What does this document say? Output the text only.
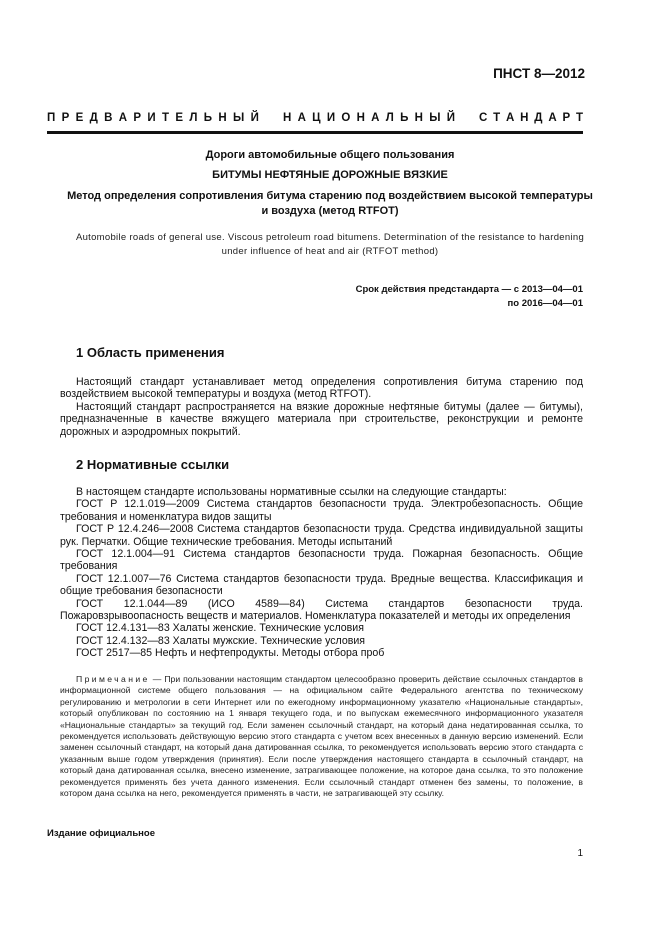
ПНСТ 8—2012
П Р Е Д В А Р И Т Е Л Ь Н Ы Й Н А Ц И О Н А Л Ь Н Ы Й С Т А Н Д А Р Т
Дороги автомобильные общего пользования
БИТУМЫ НЕФТЯНЫЕ ДОРОЖНЫЕ ВЯЗКИЕ
Метод определения сопротивления битума старению под воздействием высокой температуры
и воздуха (метод RTFOT)
Automobile roads of general use. Viscous petroleum road bitumens. Determination of the resistance to hardening
under influence of heat and air (RTFOT method)
Срок действия предстандарта — с 2013—04—01
по 2016—04—01
1 Область применения

Настоящий стандарт устанавливает метод определения сопротивления битума старению под воздействием высокой температуры и воздуха (метод RTFOT).

Настоящий стандарт распространяется на вязкие дорожные нефтяные битумы (далее — битумы), предназначенные в качестве вяжущего материала при строительстве, реконструкции и ремонте дорожных и аэродромных покрытий.

2 Нормативные ссылки

В настоящем стандарте использованы нормативные ссылки на следующие стандарты:

ГОСТ Р 12.1.019—2009 Система стандартов безопасности труда. Электробезопасность. Общие требования и номенклатура видов защиты

ГОСТ Р 12.4.246—2008 Система стандартов безопасности труда. Средства индивидуальной защиты рук. Перчатки. Общие технические требования. Методы испытаний

ГОСТ 12.1.004—91 Система стандартов безопасности труда. Пожарная безопасность. Общие требования

ГОСТ 12.1.007—76 Система стандартов безопасности труда. Вредные вещества. Классификация и общие требования безопасности

ГОСТ 12.1.044—89 (ИСО 4589—84) Система стандартов безопасности труда. Пожаровзрывоопасность веществ и материалов. Номенклатура показателей и методы их определения

ГОСТ 12.4.131—83 Халаты женские. Технические условия

ГОСТ 12.4.132—83 Халаты мужские. Технические условия

ГОСТ 2517—85 Нефть и нефтепродукты. Методы отбора проб

Примечание — При пользовании настоящим стандартом целесообразно проверить действие ссылочных стандартов в информационной системе общего пользования — на официальном сайте Федерального агентства по техническому регулированию и метрологии в сети Интернет или по ежегодному информационному указателю «Национальные стандарты», который опубликован по состоянию на 1 января текущего года, и по выпускам ежемесячного информационного указателя «Национальные стандарты» за текущий год. Если заменен ссылочный стандарт, на который дана недатированная ссылка, то рекомендуется использовать действующую версию этого стандарта с учетом всех внесенных в данную версию изменений. Если заменен ссылочный стандарт, на который дана датированная ссылка, то рекомендуется использовать версию этого стандарта с указанным выше годом утверждения (принятия). Если после утверждения настоящего стандарта в ссылочный стандарт, на который дана датированная ссылка, внесено изменение, затрагивающее положение, на которое дана ссылка, то это положение рекомендуется применять без учета данного изменения. Если ссылочный стандарт отменен без замены, то положение, в котором дана ссылка на него, рекомендуется применять в части, не затрагивающей эту ссылку.

Издание официальное
1
